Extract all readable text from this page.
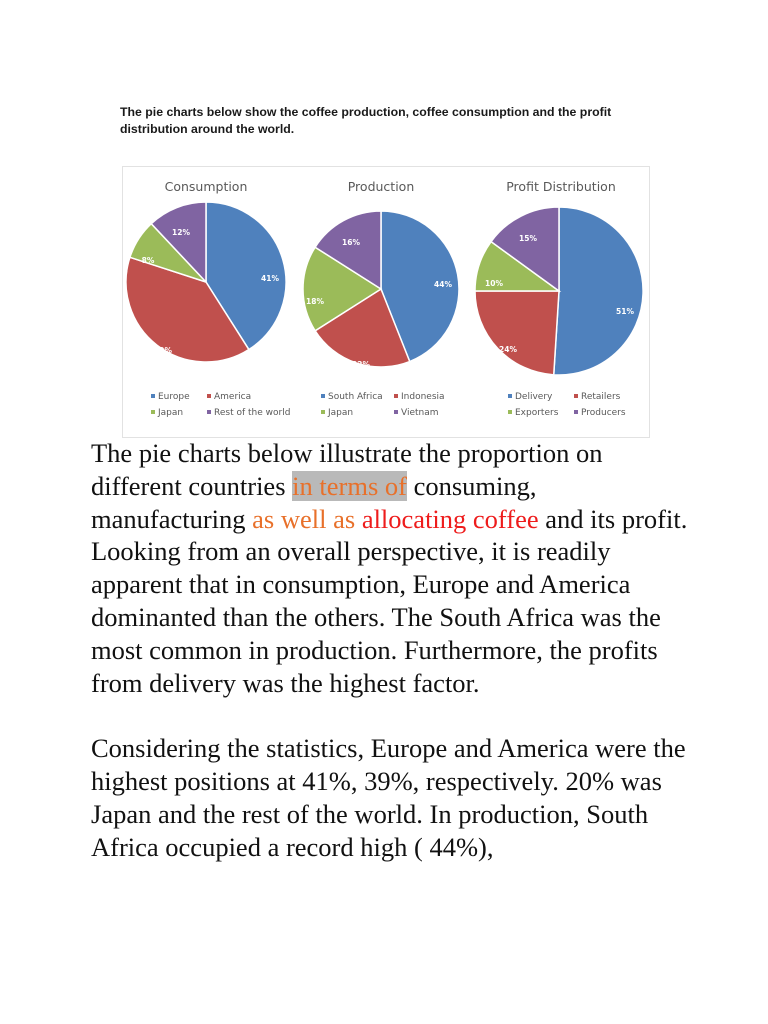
The pie charts below show the coffee production, coffee consumption and the profit
distribution around the world.
Consumption
41%
39%
8%
12%
Europe	America
Japan	Rest of the world
Production
44%
22%
18%
16%
South Africa Indonesia
Japan	Vietnam
Profit Distribution
51%
24%
10%
15%
Delivery	Retailers
Exporters	Producers

The pie charts below illustrate the proportion on different countries in terms of consuming, manufacturing as well as allocating coffee and its profit. Looking from an overall perspective, it is readily apparent that in consumption, Europe and America dominanted than the others. The South Africa was the most common in production. Furthermore, the profits from delivery was the highest factor.

Considering the statistics, Europe and America were the highest positions at 41%, 39%, respectively. 20% was Japan and the rest of the world. In production, South Africa occupied a record high ( 44%),
